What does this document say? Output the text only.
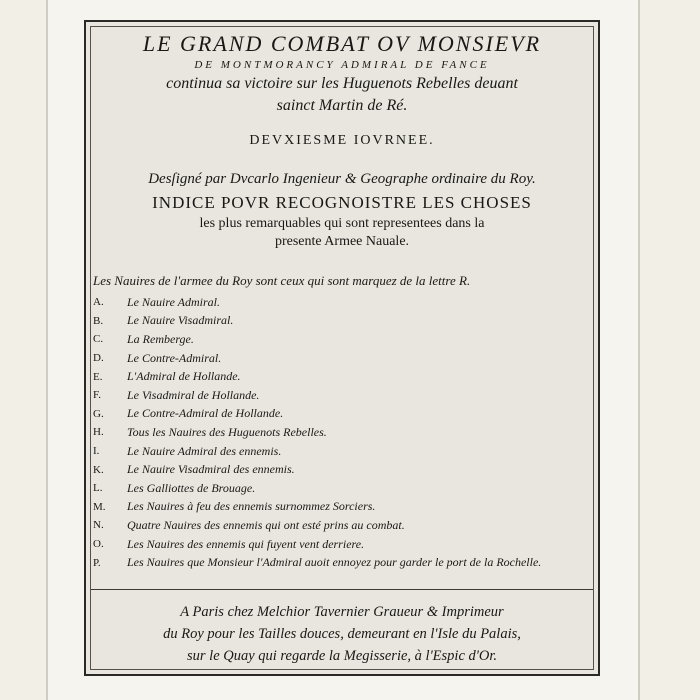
LE GRAND COMBAT OV MONSIEVR
DE MONTMORANCY ADMIRAL DE FANCE
continua sa victoire sur les Huguenots Rebelles deuant
sainct Martin de Ré.
DEVXIESME IOVRNEE.
Desſigné par Dvcarlo Ingenieur & Geographe ordinaire du Roy.
INDICE POVR RECOGNOISTRE LES CHOSES
les plus remarquables qui sont representees dans la
presente Armee Nauale.
Les Nauires de l'armee du Roy sont ceux qui sont marquez de la lettre R.
A.	Le Nauire Admiral.
B.	Le Nauire Visadmiral.
C.	La Remberge.
D.	Le Contre-Admiral.
E.	L'Admiral de Hollande.
F.	Le Visadmiral de Hollande.
G.	Le Contre-Admiral de Hollande.
H.	Tous les Nauires des Huguenots Rebelles.
I.	Le Nauire Admiral des ennemis.
K.	Le Nauire Visadmiral des ennemis.
L.	Les Galliottes de Brouage.
M.	Les Nauires à feu des ennemis surnommez Sorciers.
N.	Quatre Nauires des ennemis qui ont esté prins au combat.
O.	Les Nauires des ennemis qui fuyent vent derriere.
P.	Les Nauires que Monsieur l'Admiral auoit ennoyez pour garder le port de la Rochelle.
A Paris chez Melchior Tavernier Graueur & Imprimeur
du Roy pour les Tailles douces, demeurant en l'Isle du Palais,
sur le Quay qui regarde la Megisserie, à l'Espic d'Or.
